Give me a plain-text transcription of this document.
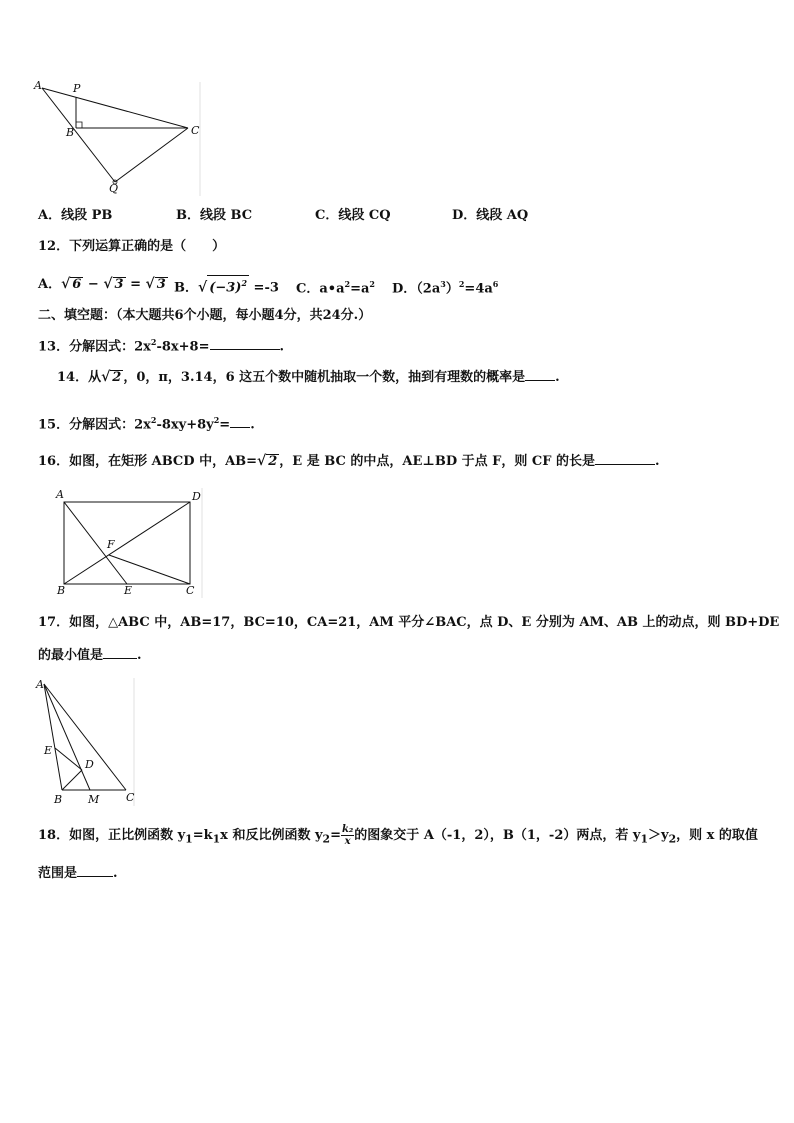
A	P
B	C
Q
A．线段 PB	B．线段 BC	C．线段 CQ	D．线段 AQ
12．下列运算正确的是（　　）
A．√ 6 − √ 3 = √ 3 B．√ $(-3)^2 =-3$ C．$a•a^2=a^2$ D．$(2a^3)^2=4a^6$
二、填空题：（本大题共6个小题，每小题4分，共24分.）
13．分解因式：$2x^2-8x+8=$	.
14．从√ 2 ，0，π，3.14，6 这五个数中随机抽取一个数，抽到有理数的概率是 .
15．分解因式：$2x^2-8xy+8y^2=$ .
16．如图，在矩形 ABCD 中，AB=√ 2 ，E 是 BC 的中点，AE⊥BD 于点 F，则 CF 的长是	.
A	D
F
B	E	C
17．如图，△ABC 中，AB=17，BC=10，CA=21，AM 平分∠BAC，点 D、E 分别为 AM、AB 上的动点，则 BD+DE
的最小值是	.
A
E
D
B M C
18．如图，正比例函数 $y_1=k_1x$ 和反比例函数 $y_2= \frac{\text{k₂}}{x}$ 的图象交于 A（-1，2），B（1，-2）两点，若 $y_1>y_2$，则 x 的取值
范围是	.
